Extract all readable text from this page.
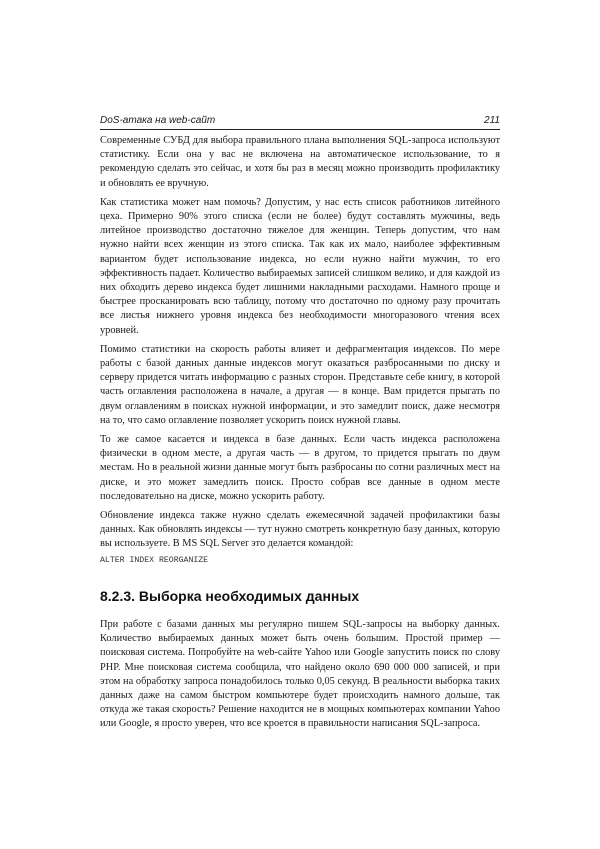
DoS-атака на web-сайт	211

Современные СУБД для выбора правильного плана выполнения SQL-запроса используют статистику. Если она у вас не включена на автоматическое использование, то я рекомендую сделать это сейчас, и хотя бы раз в месяц можно производить профилактику и обновлять ее вручную.

Как статистика может нам помочь? Допустим, у нас есть список работников литейного цеха. Примерно 90% этого списка (если не более) будут составлять мужчины, ведь литейное производство достаточно тяжелое для женщин. Теперь допустим, что нам нужно найти всех женщин из этого списка. Так как их мало, наиболее эффективным вариантом будет использование индекса, но если нужно найти мужчин, то его эффективность падает. Количество выбираемых записей слишком велико, и для каждой из них обходить дерево индекса будет лишними накладными расходами. Намного проще и быстрее просканировать всю таблицу, потому что достаточно по одному разу прочитать все листья нижнего уровня индекса без необходимости многоразового чтения всех уровней.

Помимо статистики на скорость работы влияет и дефрагментация индексов. По мере работы с базой данных данные индексов могут оказаться разбросанными по диску и серверу придется читать информацию с разных сторон. Представьте себе книгу, в которой часть оглавления расположена в начале, а другая — в конце. Вам придется прыгать по двум оглавлениям в поисках нужной информации, и это замедлит поиск, даже несмотря на то, что само оглавление позволяет ускорить поиск нужной главы.

То же самое касается и индекса в базе данных. Если часть индекса расположена физически в одном месте, а другая часть — в другом, то придется прыгать по двум местам. Но в реальной жизни данные могут быть разбросаны по сотни различных мест на диске, и это может замедлить поиск. Просто собрав все данные в одном месте последовательно на диске, можно ускорить работу.

Обновление индекса также нужно сделать ежемесячной задачей профилактики базы данных. Как обновлять индексы — тут нужно смотреть конкретную базу данных, которую вы используете. В MS SQL Server это делается командой:

ALTER INDEX REORGANIZE
8.2.3. Выборка необходимых данных

При работе с базами данных мы регулярно пишем SQL-запросы на выборку данных. Количество выбираемых данных может быть очень большим. Простой пример — поисковая система. Попробуйте на web-сайте Yahoo или Google запустить поиск по слову PHP. Мне поисковая система сообщила, что найдено около 690 000 000 записей, и при этом на обработку запроса понадобилось только 0,05 секунд. В реальности выборка таких данных даже на самом быстром компьютере будет происходить намного дольше, так откуда же такая скорость? Решение находится не в мощных компьютерах компании Yahoo или Google, я просто уверен, что все кроется в правильности написания SQL-запроса.
